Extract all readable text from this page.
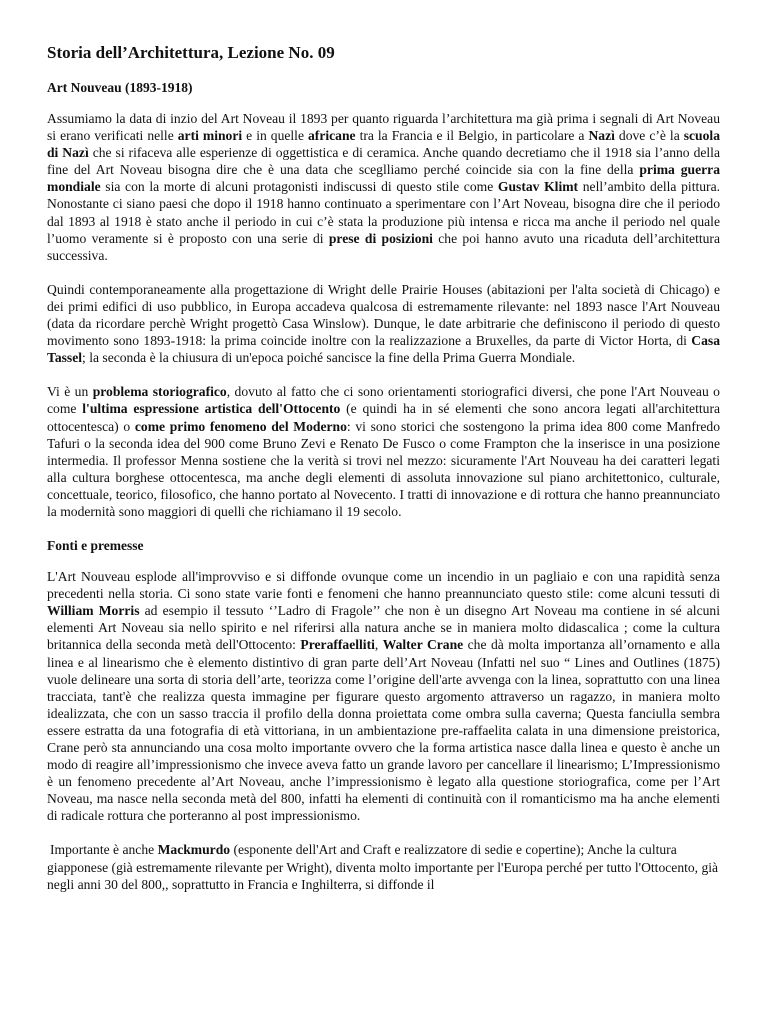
Storia dell’Architettura, Lezione No. 09
Art Nouveau (1893-1918)

Assumiamo la data di inzio del Art Noveau il 1893 per quanto riguarda l’architettura ma già prima i segnali di Art Noveau si erano verificati nelle arti minori e in quelle africane tra la Francia e il Belgio, in particolare a Nazì dove c’è la scuola di Nazì che si rifaceva alle esperienze di oggettistica e di ceramica. Anche quando decretiamo che il 1918 sia l’anno della fine del Art Noveau bisogna dire che è una data che sceglliamo perché coincide sia con la fine della prima guerra mondiale sia con la morte di alcuni protagonisti indiscussi di questo stile come Gustav Klimt nell’ambito della pittura. Nonostante ci siano paesi che dopo il 1918 hanno continuato a sperimentare con l’Art Noveau, bisogna dire che il periodo dal 1893 al 1918 è stato anche il periodo in cui c’è stata la produzione più intensa e ricca ma anche il periodo nel quale l’uomo veramente si è proposto con una serie di prese di posizioni che poi hanno avuto una ricaduta dell’architettura successiva.

Quindi contemporaneamente alla progettazione di Wright delle Prairie Houses (abitazioni per l'alta società di Chicago) e dei primi edifici di uso pubblico, in Europa accadeva qualcosa di estremamente rilevante: nel 1893 nasce l'Art Nouveau (data da ricordare perchè Wright progettò Casa Winslow). Dunque, le date arbitrarie che definiscono il periodo di questo movimento sono 1893-1918: la prima coincide inoltre con la realizzazione a Bruxelles, da parte di Victor Horta, di Casa Tassel; la seconda è la chiusura di un'epoca poiché sancisce la fine della Prima Guerra Mondiale.

Vi è un problema storiografico, dovuto al fatto che ci sono orientamenti storiografici diversi, che pone l'Art Nouveau o come l'ultima espressione artistica dell'Ottocento (e quindi ha in sé elementi che sono ancora legati all'architettura ottocentesca) o come primo fenomeno del Moderno: vi sono storici che sostengono la prima idea 800 come Manfredo Tafuri o la seconda idea del 900 come Bruno Zevi e Renato De Fusco o come Frampton che la inserisce in una posizione intermedia. Il professor Menna sostiene che la verità si trovi nel mezzo: sicuramente l'Art Nouveau ha dei caratteri legati alla cultura borghese ottocentesca, ma anche degli elementi di assoluta innovazione sul piano architettonico, culturale, concettuale, teorico, filosofico, che hanno portato al Novecento. I tratti di innovazione e di rottura che hanno preannunciato la modernità sono maggiori di quelli che richiamano il 19 secolo.

Fonti e premesse

L'Art Nouveau esplode all'improvviso e si diffonde ovunque come un incendio in un pagliaio e con una rapidità senza precedenti nella storia. Ci sono state varie fonti e fenomeni che hanno preannunciato questo stile: come alcuni tessuti di William Morris ad esempio il tessuto ‘’Ladro di Fragole’’ che non è un disegno Art Noveau ma contiene in sé alcuni elementi Art Noveau sia nello spirito e nel riferirsi alla natura anche se in maniera molto didascalica ; come la cultura britannica della seconda metà dell'Ottocento: Preraffaelliti, Walter Crane che dà molta importanza all’ornamento e alla linea e al linearismo che è elemento distintivo di gran parte dell’Art Noveau (Infatti nel suo “ Lines and Outlines (1875) vuole delineare una sorta di storia dell’arte, teorizza come l’origine dell'arte avvenga con la linea, soprattutto con una linea tracciata, tant'è che realizza questa immagine per figurare questo argomento attraverso un ragazzo, in maniera molto idealizzata, che con un sasso traccia il profilo della donna proiettata come ombra sulla caverna; Questa fanciulla sembra essere estratta da una fotografia di età vittoriana, in un ambientazione pre-raffaelita calata in una dimensione preistorica, Crane però sta annunciando una cosa molto importante ovvero che la forma artistica nasce dalla linea e questo è anche un modo di reagire all’impressionismo che invece aveva fatto un grande lavoro per cancellare il linearismo; L’Impressionismo è un fenomeno precedente al’Art Noveau, anche l’impressionismo è legato alla questione storiografica, come per l’Art Noveau, ma nasce nella seconda metà del 800, infatti ha elementi di continuità con il romanticismo ma ha anche elementi di radicale rottura che porteranno al post impressionismo.

Importante è anche Mackmurdo (esponente dell'Art and Craft e realizzatore di sedie e copertine); Anche la cultura giapponese (già estremamente rilevante per Wright), diventa molto importante per l'Europa perché per tutto l'Ottocento, già negli anni 30 del 800,, soprattutto in Francia e Inghilterra, si diffonde il
